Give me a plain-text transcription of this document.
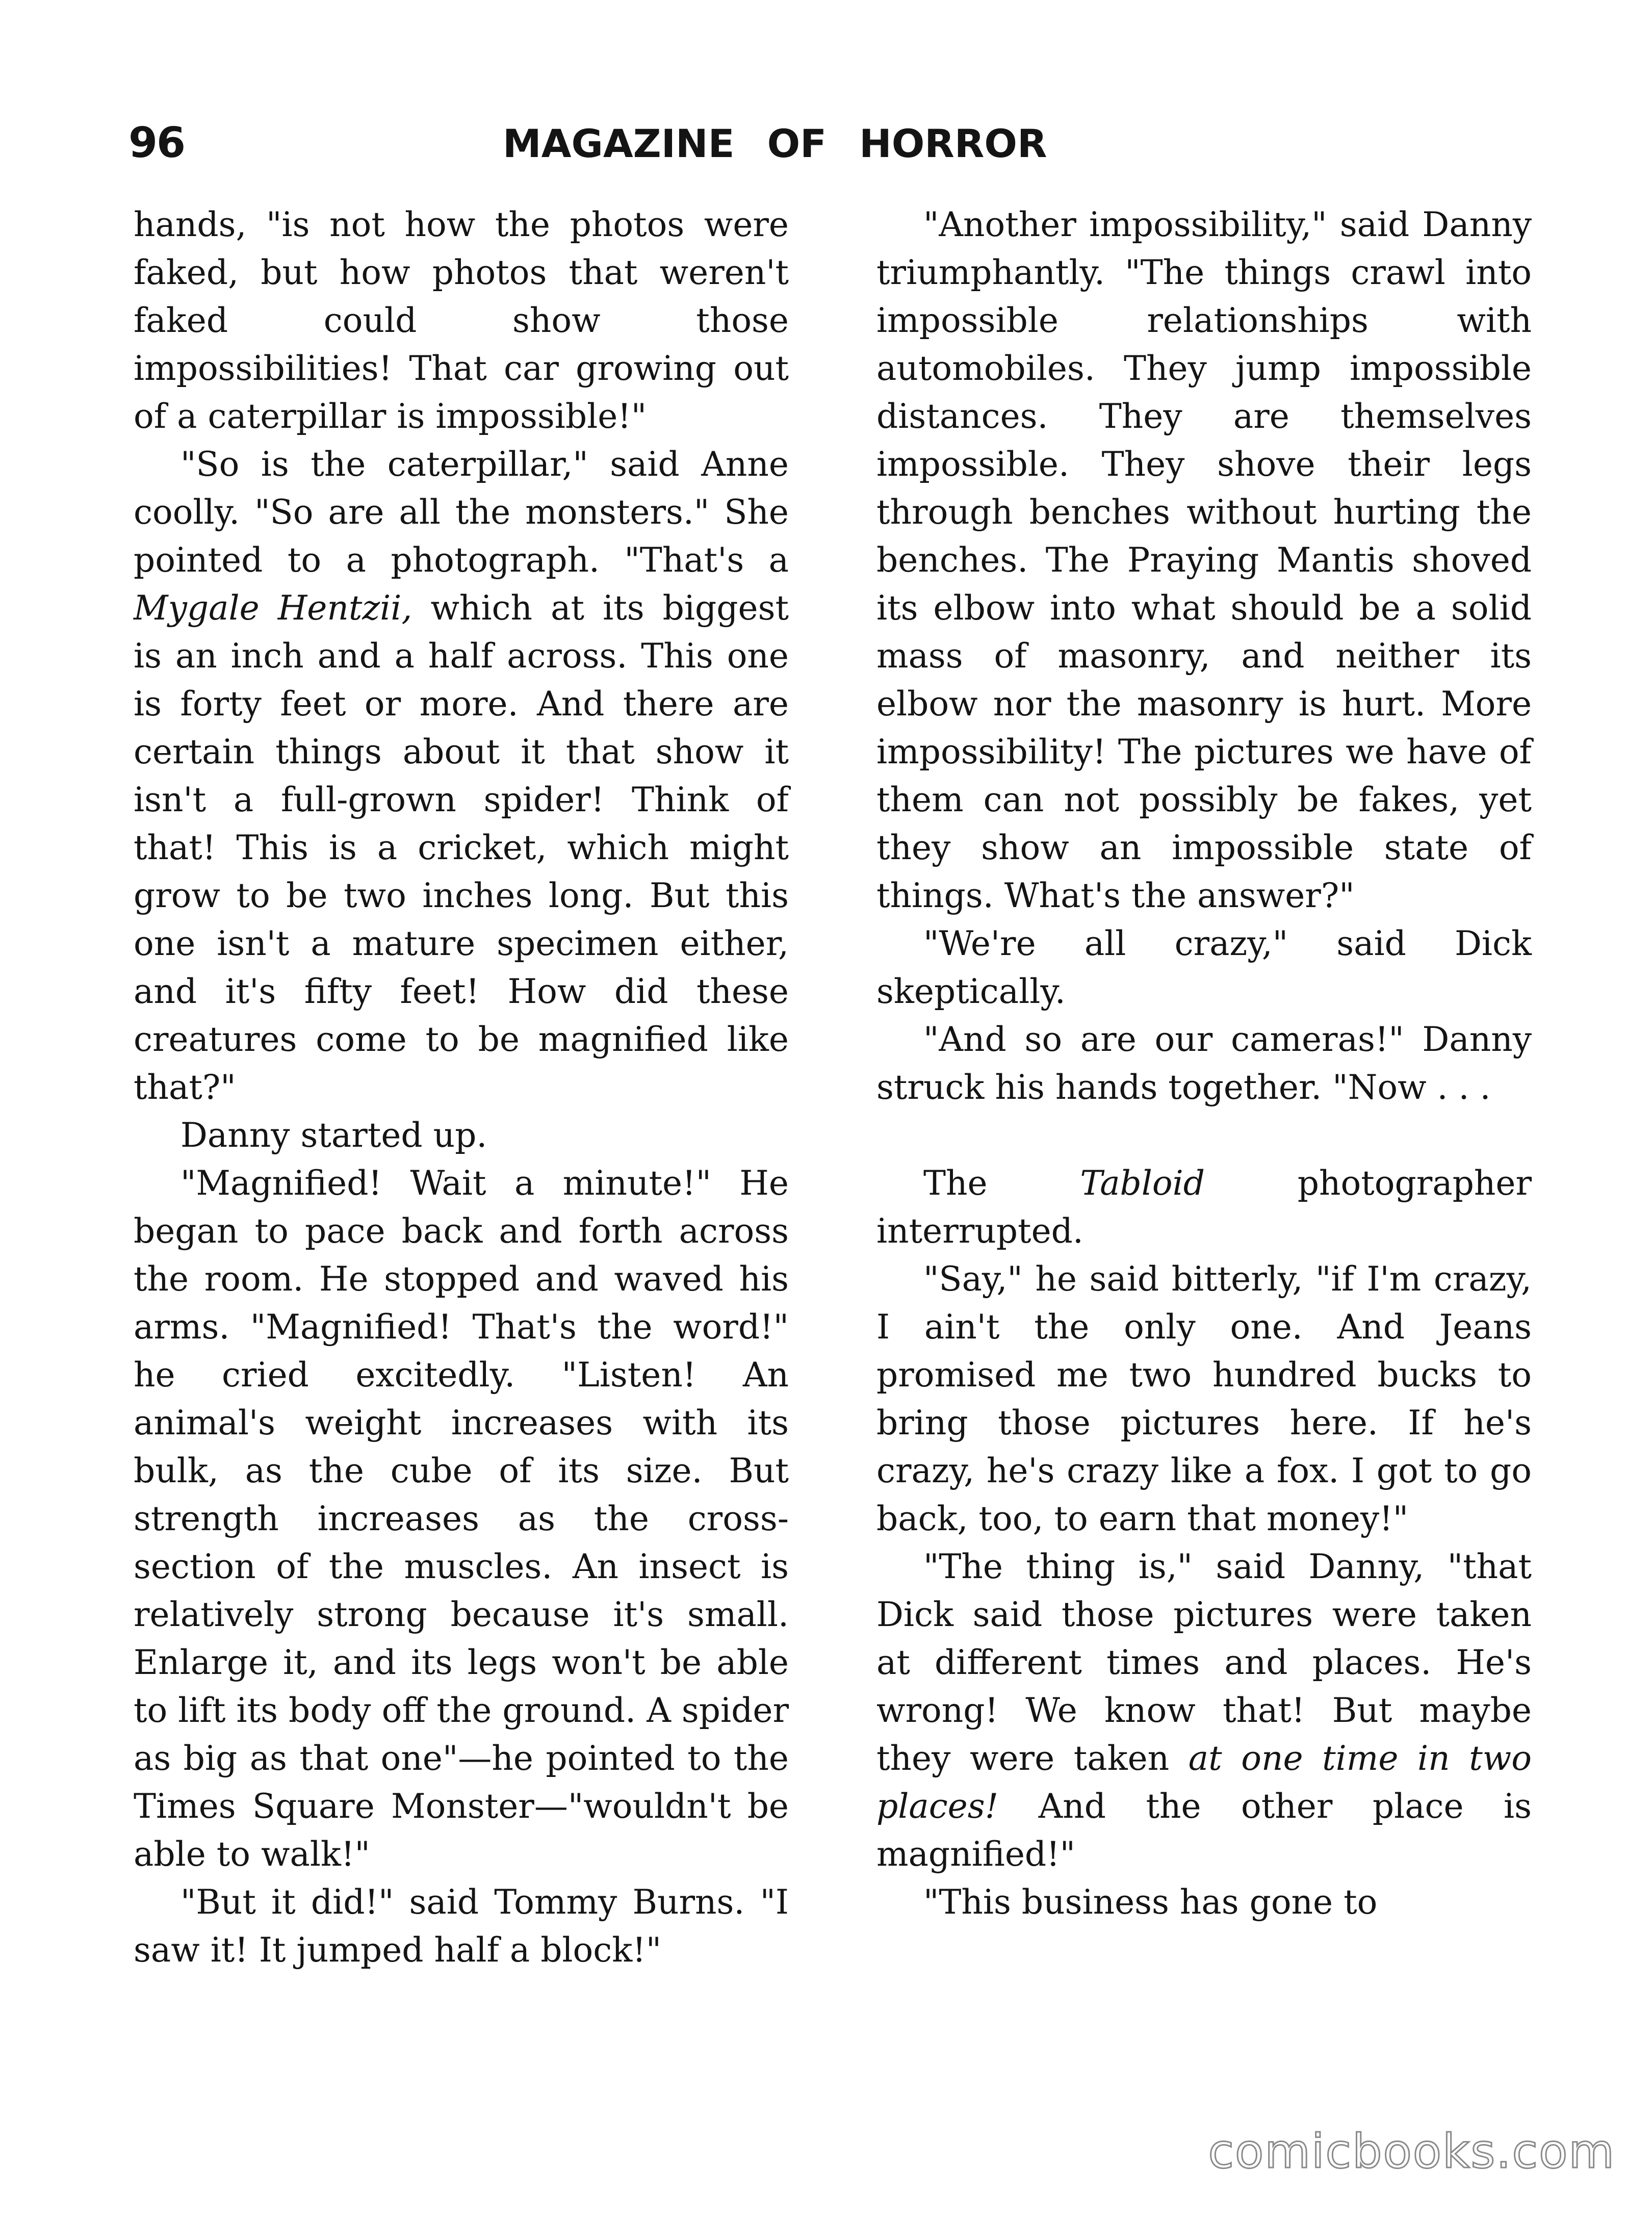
96	MAGAZINE OF HORROR

hands, "is not how the photos were faked, but how photos that weren't faked could show those impossibilities! That car growing out of a caterpillar is impossible!"

"So is the caterpillar," said Anne coolly. "So are all the monsters." She pointed to a photograph. "That's a Mygale Hentzii, which at its biggest is an inch and a half across. This one is forty feet or more. And there are certain things about it that show it isn't a full-grown spider! Think of that! This is a cricket, which might grow to be two inches long. But this one isn't a mature specimen either, and it's fifty feet! How did these creatures come to be magnified like that?"

Danny started up.

"Magnified! Wait a minute!" He began to pace back and forth across the room. He stopped and waved his arms. "Magnified! That's the word!" he cried excitedly. "Listen! An animal's weight increases with its bulk, as the cube of its size. But strength increases as the cross-section of the muscles. An insect is relatively strong because it's small. Enlarge it, and its legs won't be able to lift its body off the ground. A spider as big as that one"—he pointed to the Times Square Monster—"wouldn't be able to walk!"

"But it did!" said Tommy Burns. "I saw it! It jumped half a block!"

"Another impossibility," said Danny triumphantly. "The things crawl into impossible relationships with automobiles. They jump impossible distances. They are themselves impossible. They shove their legs through benches without hurting the benches. The Praying Mantis shoved its elbow into what should be a solid mass of masonry, and neither its elbow nor the masonry is hurt. More impossibility! The pictures we have of them can not possibly be fakes, yet they show an impossible state of things. What's the answer?"

"We're all crazy," said Dick skeptically.

"And so are our cameras!" Danny struck his hands together. "Now . . .

The Tabloid photographer interrupted.

"Say," he said bitterly, "if I'm crazy, I ain't the only one. And Jeans promised me two hundred bucks to bring those pictures here. If he's crazy, he's crazy like a fox. I got to go back, too, to earn that money!"

"The thing is," said Danny, "that Dick said those pictures were taken at different times and places. He's wrong! We know that! But maybe they were taken at one time in two places! And the other place is magnified!"

"This business has gone to

comicbooks.com
